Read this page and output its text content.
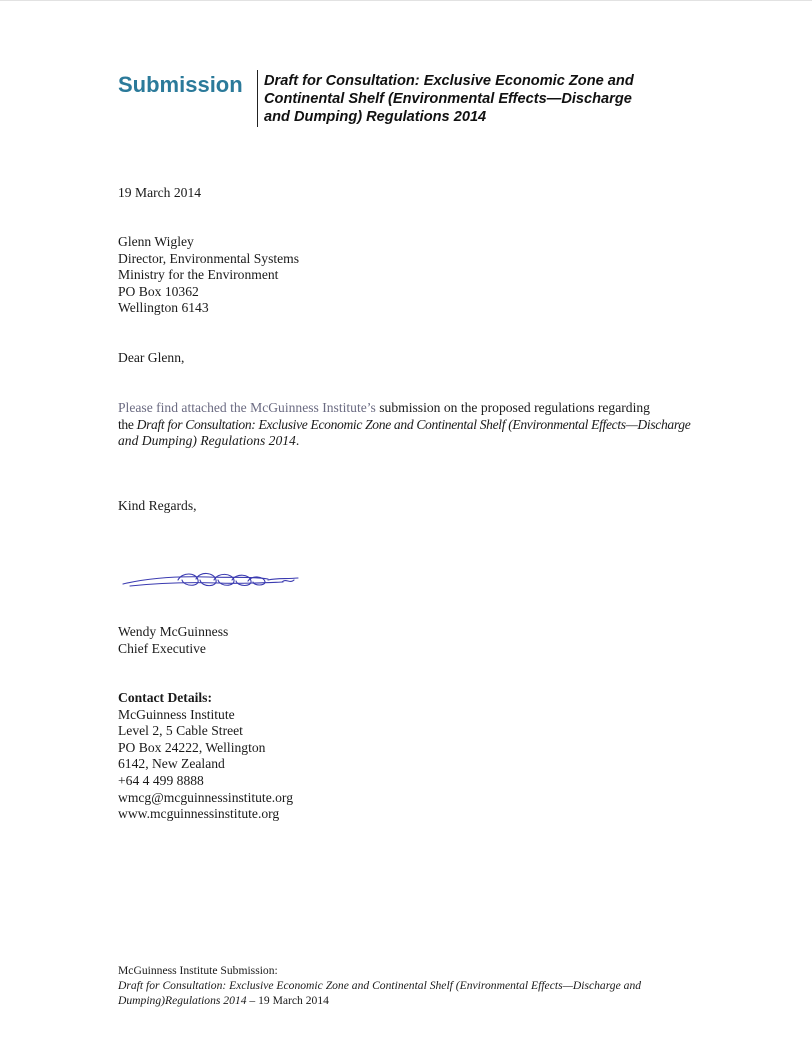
Submission Draft for Consultation: Exclusive Economic Zone and
Continental Shelf (Environmental Effects—Discharge
and Dumping) Regulations 2014
19 March 2014
Glenn Wigley
Director, Environmental Systems
Ministry for the Environment
PO Box 10362
Wellington 6143
Dear Glenn,
Please find attached the McGuinness Institute’s submission on the proposed regulations regarding
the Draft for Consultation: Exclusive Economic Zone and Continental Shelf (Environmental Effects—Discharge
and Dumping) Regulations 2014.
Kind Regards,
Wendy McGuinness
Chief Executive
Contact Details:
McGuinness Institute
Level 2, 5 Cable Street
PO Box 24222, Wellington
6142, New Zealand
+64 4 499 8888
wmcg@mcguinnessinstitute.org
www.mcguinnessinstitute.org
McGuinness Institute Submission:
Draft for Consultation: Exclusive Economic Zone and Continental Shelf (Environmental Effects—Discharge and
Dumping)Regulations 2014 – 19 March 2014
